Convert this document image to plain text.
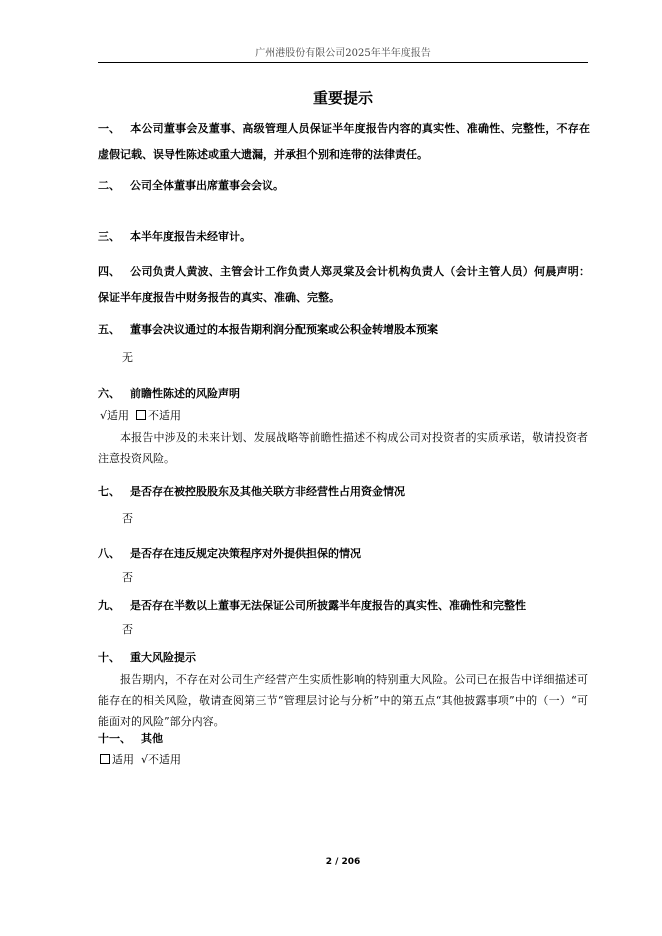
广州港股份有限公司2025年半年度报告
重要提示
一、 本公司董事会及董事、高级管理人员保证半年度报告内容的真实性、准确性、完整性，不存在虚假记载、误导性陈述或重大遗漏，并承担个别和连带的法律责任。
二、 公司全体董事出席董事会会议。
三、 本半年度报告未经审计。
四、 公司负责人黄波、主管会计工作负责人郑灵棠及会计机构负责人（会计主管人员）何晨声明：保证半年度报告中财务报告的真实、准确、完整。
五、 董事会决议通过的本报告期利润分配预案或公积金转增股本预案
无
六、 前瞻性陈述的风险声明
√适用 不适用
本报告中涉及的未来计划、发展战略等前瞻性描述不构成公司对投资者的实质承诺，敬请投资者注意投资风险。
七、 是否存在被控股股东及其他关联方非经营性占用资金情况
否
八、 是否存在违反规定决策程序对外提供担保的情况
否
九、 是否存在半数以上董事无法保证公司所披露半年度报告的真实性、准确性和完整性
否
十、 重大风险提示
报告期内，不存在对公司生产经营产生实质性影响的特别重大风险。公司已在报告中详细描述可能存在的相关风险，敬请查阅第三节“管理层讨论与分析”中的第五点“其他披露事项”中的（一）“可能面对的风险”部分内容。
十一、 其他
适用 √不适用
2 / 206
